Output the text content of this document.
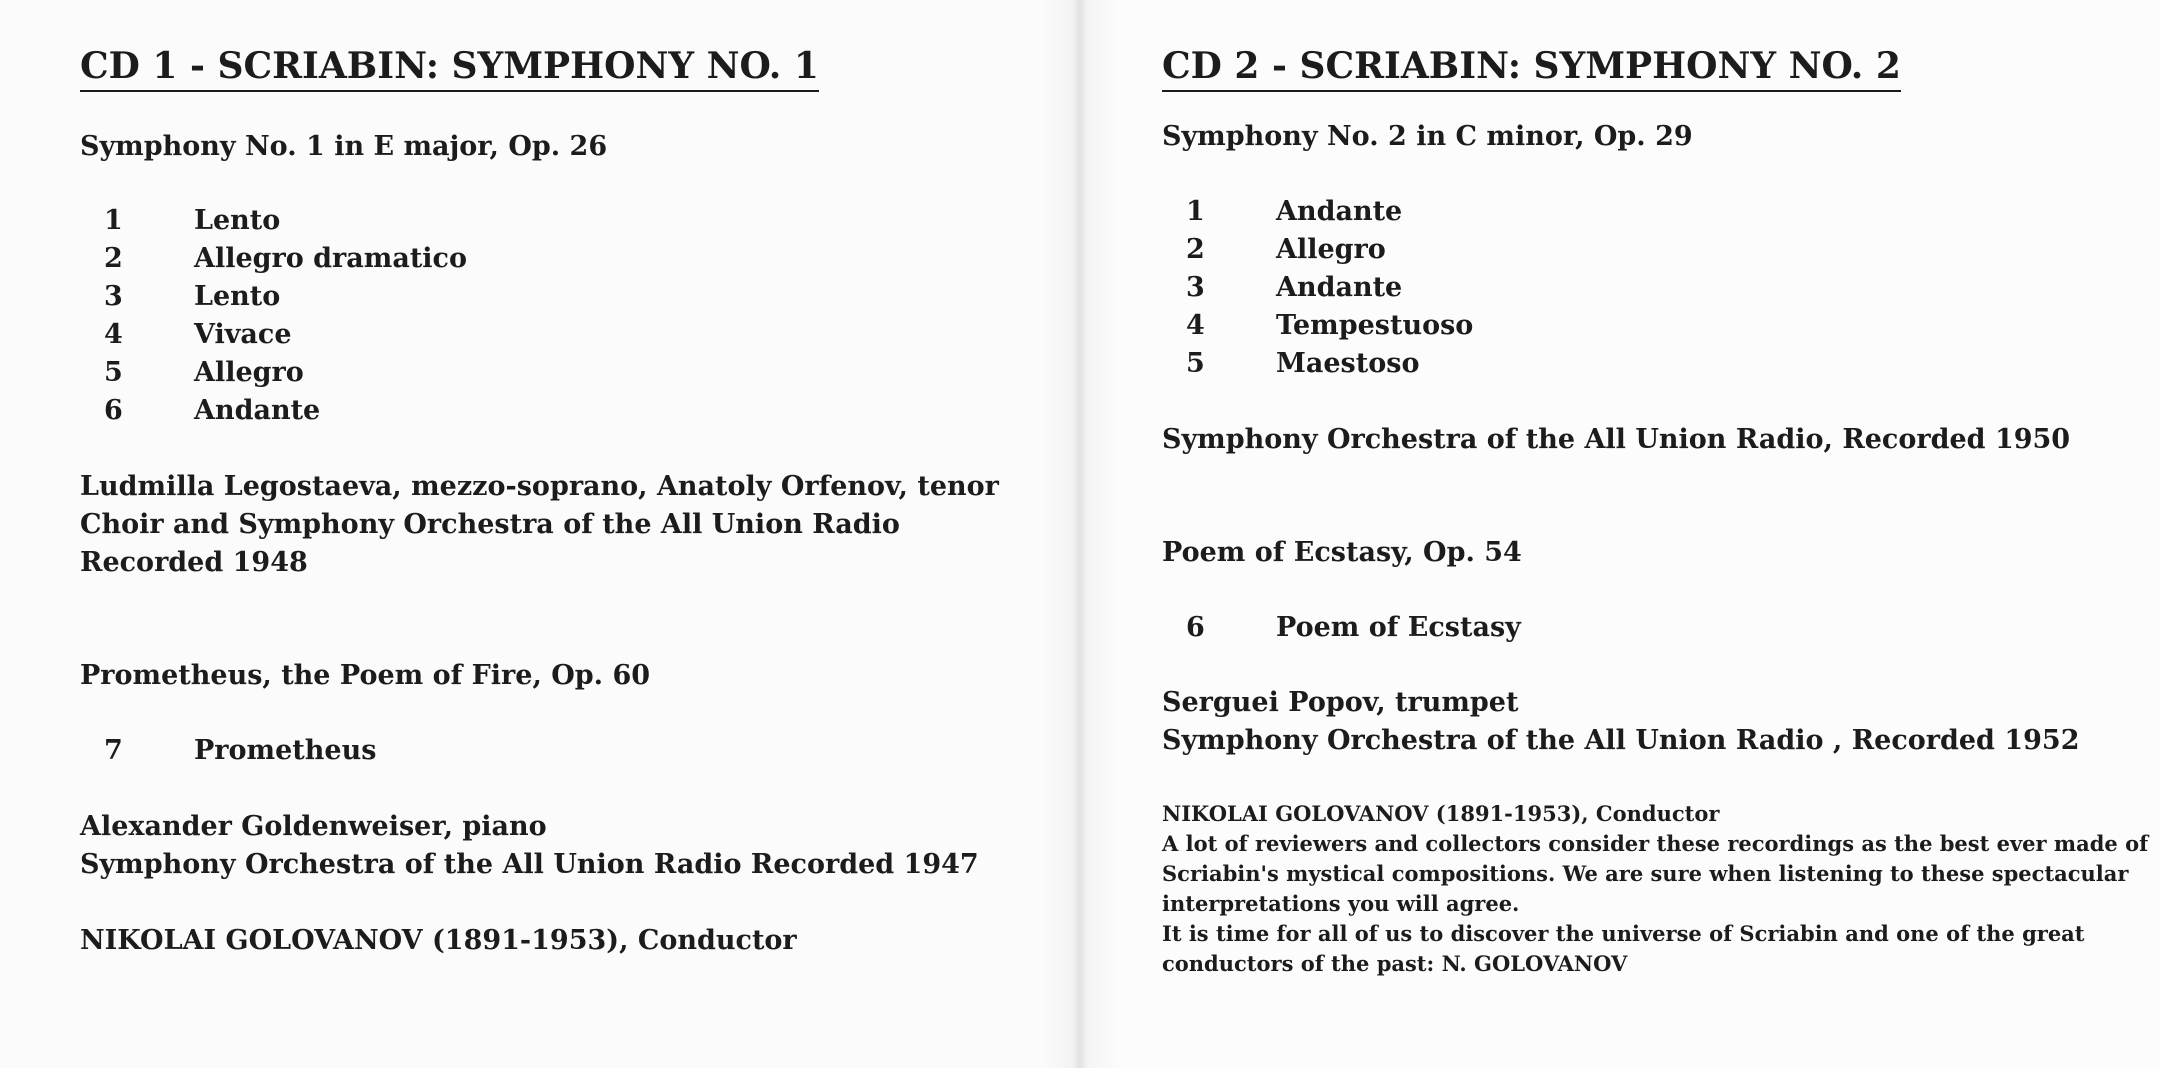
CD 1 - SCRIABIN: SYMPHONY NO. 1
Symphony No. 1 in E major, Op. 26
1	Lento
2	Allegro dramatico
3	Lento
4	Vivace
5	Allegro
6	Andante
Ludmilla Legostaeva, mezzo-soprano, Anatoly Orfenov, tenor
Choir and Symphony Orchestra of the All Union Radio
Recorded 1948
Prometheus, the Poem of Fire, Op. 60
7	Prometheus
Alexander Goldenweiser, piano
Symphony Orchestra of the All Union Radio Recorded 1947
NIKOLAI GOLOVANOV (1891-1953), Conductor
CD 2 - SCRIABIN: SYMPHONY NO. 2
Symphony No. 2 in C minor, Op. 29
1	Andante
2	Allegro
3	Andante
4	Tempestuoso
5	Maestoso
Symphony Orchestra of the All Union Radio, Recorded 1950
Poem of Ecstasy, Op. 54
6	Poem of Ecstasy
Serguei Popov, trumpet
Symphony Orchestra of the All Union Radio , Recorded 1952
NIKOLAI GOLOVANOV (1891-1953), Conductor
A lot of reviewers and collectors consider these recordings as the best ever made of
Scriabin's mystical compositions. We are sure when listening to these spectacular
interpretations you will agree.
It is time for all of us to discover the universe of Scriabin and one of the great
conductors of the past: N. GOLOVANOV
